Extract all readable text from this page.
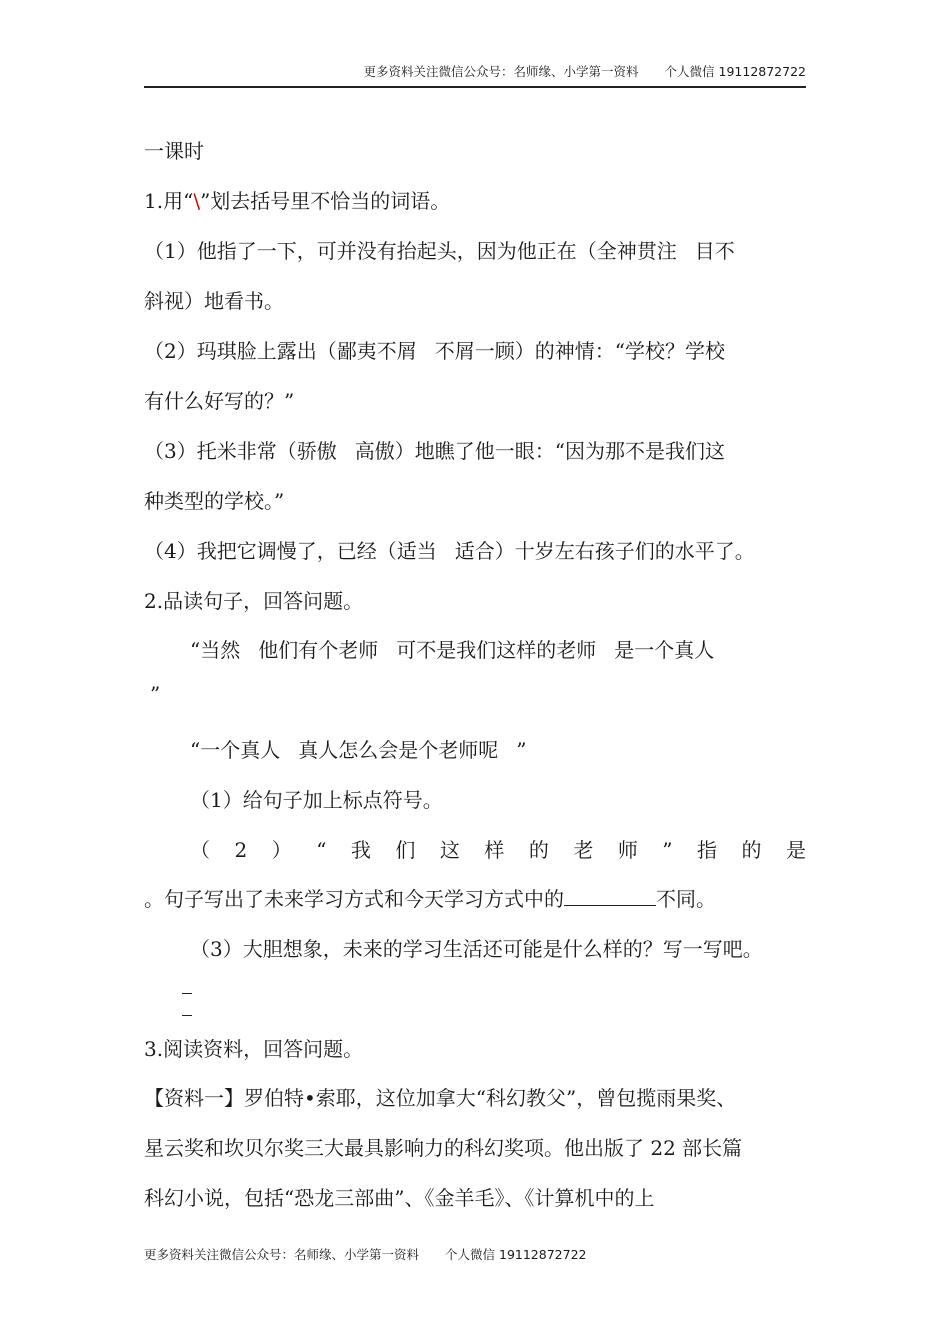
更多资料关注微信公众号：名师缘、小学第一资料 个人微信 19112872722
一课时
1.用“\”划去括号里不恰当的词语。
（1）他指了一下，可并没有抬起头，因为他正在（全神贯注 目不
斜视）地看书。
（2）玛琪脸上露出（鄙夷不屑 不屑一顾）的神情：“学校？学校
有什么好写的？”
（3）托米非常（骄傲 高傲）地瞧了他一眼：“因为那不是我们这
种类型的学校。”
（4）我把它调慢了，已经（适当 适合）十岁左右孩子们的水平了。
2.品读句子，回答问题。
“当然 他们有个老师 可不是我们这样的老师 是一个真人
”
“一个真人 真人怎么会是个老师呢 ”
（1）给句子加上标点符号。
（ 2 ） “ 我 们 这 样 的 老 师 ” 指 的 是
。句子写出了未来学习方式和今天学习方式中的	不同。
（3）大胆想象，未来的学习生活还可能是什么样的？写一写吧。
3.阅读资料，回答问题。
【资料一】罗伯特•索耶，这位加拿大“科幻教父”，曾包揽雨果奖、
星云奖和坎贝尔奖三大最具影响力的科幻奖项。他出版了 22 部长篇
科幻小说，包括“恐龙三部曲”、《金羊毛》、《计算机中的上
更多资料关注微信公众号：名师缘、小学第一资料 个人微信 19112872722
